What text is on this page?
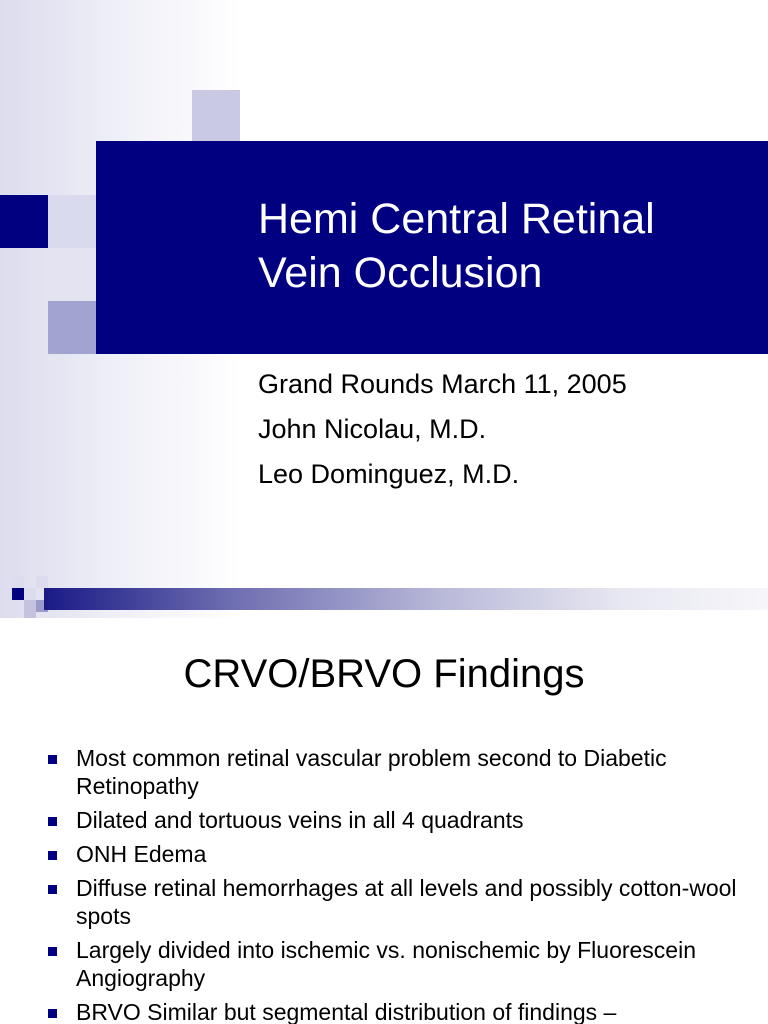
Hemi Central Retinal
Vein Occlusion
Grand Rounds March 11, 2005
John Nicolau, M.D.
Leo Dominguez, M.D.
CRVO/BRVO Findings
Most common retinal vascular problem second to Diabetic Retinopathy
Dilated and tortuous veins in all 4 quadrants
ONH Edema
Diffuse retinal hemorrhages at all levels and possibly cotton-wool spots
Largely divided into ischemic vs. nonischemic by Fluorescein Angiography
BRVO Similar but segmental distribution of findings –
